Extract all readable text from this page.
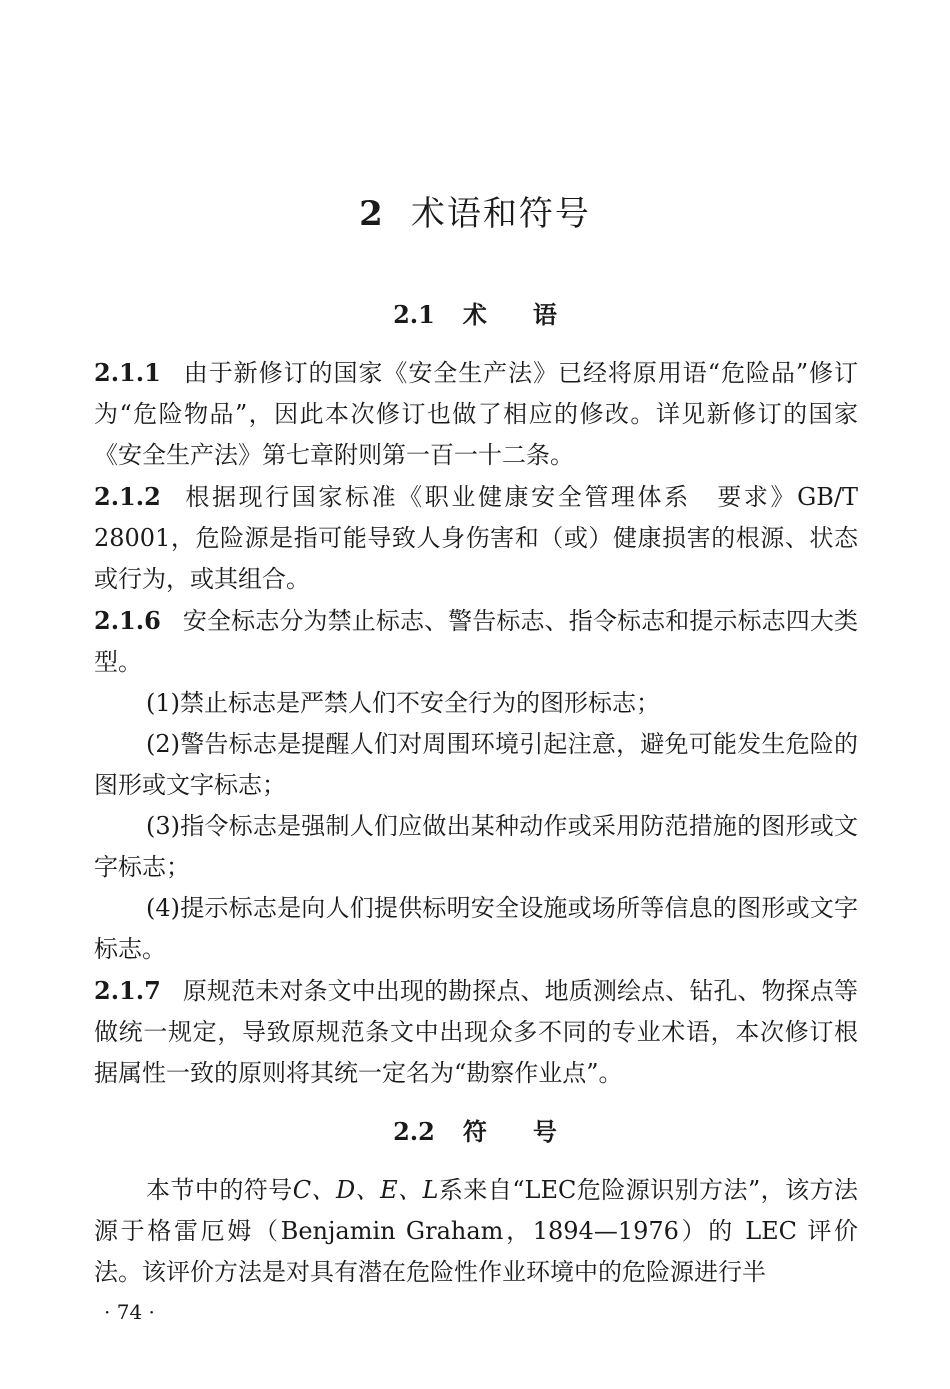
2 术语和符号
2.1 术 语

2.1.1 由于新修订的国家《安全生产法》已经将原用语“危险品”修订为“危险物品”，因此本次修订也做了相应的修改。详见新修订的国家《安全生产法》第七章附则第一百一十二条。

2.1.2 根据现行国家标准《职业健康安全管理体系　要求》GB/T 28001，危险源是指可能导致人身伤害和（或）健康损害的根源、状态或行为，或其组合。

2.1.6 安全标志分为禁止标志、警告标志、指令标志和提示标志四大类型。

(1)禁止标志是严禁人们不安全行为的图形标志；

(2)警告标志是提醒人们对周围环境引起注意，避免可能发生危险的图形或文字标志；

(3)指令标志是强制人们应做出某种动作或采用防范措施的图形或文字标志；

(4)提示标志是向人们提供标明安全设施或场所等信息的图形或文字标志。

2.1.7 原规范未对条文中出现的勘探点、地质测绘点、钻孔、物探点等做统一规定，导致原规范条文中出现众多不同的专业术语，本次修订根据属性一致的原则将其统一定名为“勘察作业点”。

2.2 符 号

本节中的符号C、D、E、L系来自“LEC危险源识别方法”，该方法源于格雷厄姆（Benjamin Graham，1894—1976）的 LEC 评价法。该评价方法是对具有潜在危险性作业环境中的危险源进行半

· 74 ·
